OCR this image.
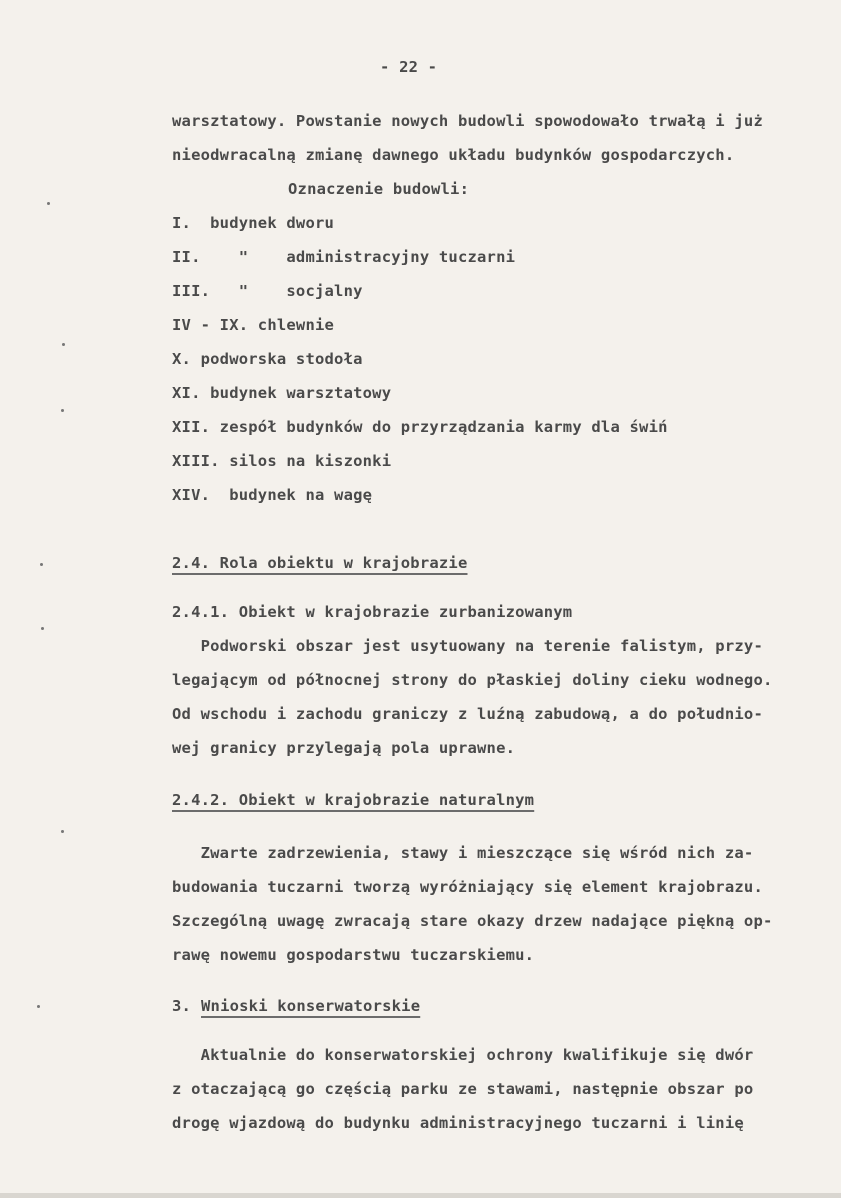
- 22 -
warsztatowy. Powstanie nowych budowli spowodowało trwałą i już
nieodwracalną zmianę dawnego układu budynków gospodarczych.
Oznaczenie budowli:
I.  budynek dworu
II.    "    administracyjny tuczarni
III.   "    socjalny
IV - IX. chlewnie
X. podworska stodoła
XI. budynek warsztatowy
XII. zespół budynków do przyrządzania karmy dla świń
XIII. silos na kiszonki
XIV.  budynek na wagę
2.4. Rola obiektu w krajobrazie
2.4.1. Obiekt w krajobrazie zurbanizowanym
Podworski obszar jest usytuowany na terenie falistym, przy-
legającym od północnej strony do płaskiej doliny cieku wodnego.
Od wschodu i zachodu graniczy z luźną zabudową, a do południo-
wej granicy przylegają pola uprawne.
2.4.2. Obiekt w krajobrazie naturalnym
Zwarte zadrzewienia, stawy i mieszczące się wśród nich za-
budowania tuczarni tworzą wyróżniający się element krajobrazu.
Szczególną uwagę zwracają stare okazy drzew nadające piękną op-
rawę nowemu gospodarstwu tuczarskiemu.
3. Wnioski konserwatorskie
Aktualnie do konserwatorskiej ochrony kwalifikuje się dwór
z otaczającą go częścią parku ze stawami, następnie obszar po
drogę wjazdową do budynku administracyjnego tuczarni i linię
